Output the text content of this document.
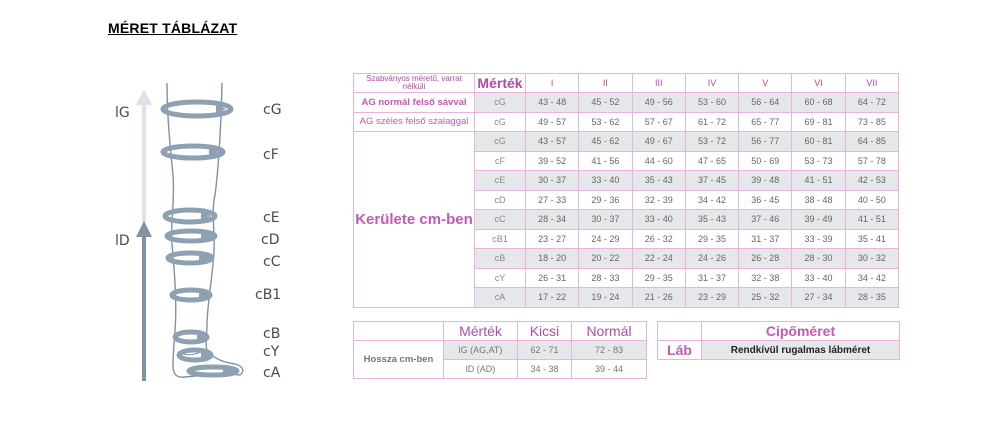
MÉRET TÁBLÁZAT
lG
lD
cG
cF
cE
cD
cC
cB1
cB
cY
cA
Szabványos méretű, varrat nélküli	Mérték	I	II	III	IV	V	VI	VII
AG normál felső sávval	cG	43 - 48	45 - 52	49 - 56	53 - 60	56 - 64	60 - 68	64 - 72
AG széles felső szalaggal	cG	49 - 57	53 - 62	57 - 67	61 - 72	65 - 77	69 - 81	73 - 85
Kerülete cm-ben	cG	43 - 57	45 - 62	49 - 67	53 - 72	56 - 77	60 - 81	64 - 85
	cF	39 - 52	41 - 56	44 - 60	47 - 65	50 - 69	53 - 73	57 - 78
	cE	30 - 37	33 - 40	35 - 43	37 - 45	39 - 48	41 - 51	42 - 53
	cD	27 - 33	29 - 36	32 - 39	34 - 42	36 - 45	38 - 48	40 - 50
	cC	28 - 34	30 - 37	33 - 40	35 - 43	37 - 46	39 - 49	41 - 51
	cB1	23 - 27	24 - 29	26 - 32	29 - 35	31 - 37	33 - 39	35 - 41
	cB	18 - 20	20 - 22	22 - 24	24 - 26	26 - 28	28 - 30	30 - 32
	cY	26 - 31	28 - 33	29 - 35	31 - 37	32 - 38	33 - 40	34 - 42
	cA	17 - 22	19 - 24	21 - 26	23 - 29	25 - 32	27 - 34	28 - 35
	Mérték	Kicsi	Normál
Hossza cm-ben	lG (AG,AT)	62 - 71	72 - 83
	lD (AD)	34 - 38	39 - 44
	Cipőméret
Láb	Rendkívül rugalmas lábméret
